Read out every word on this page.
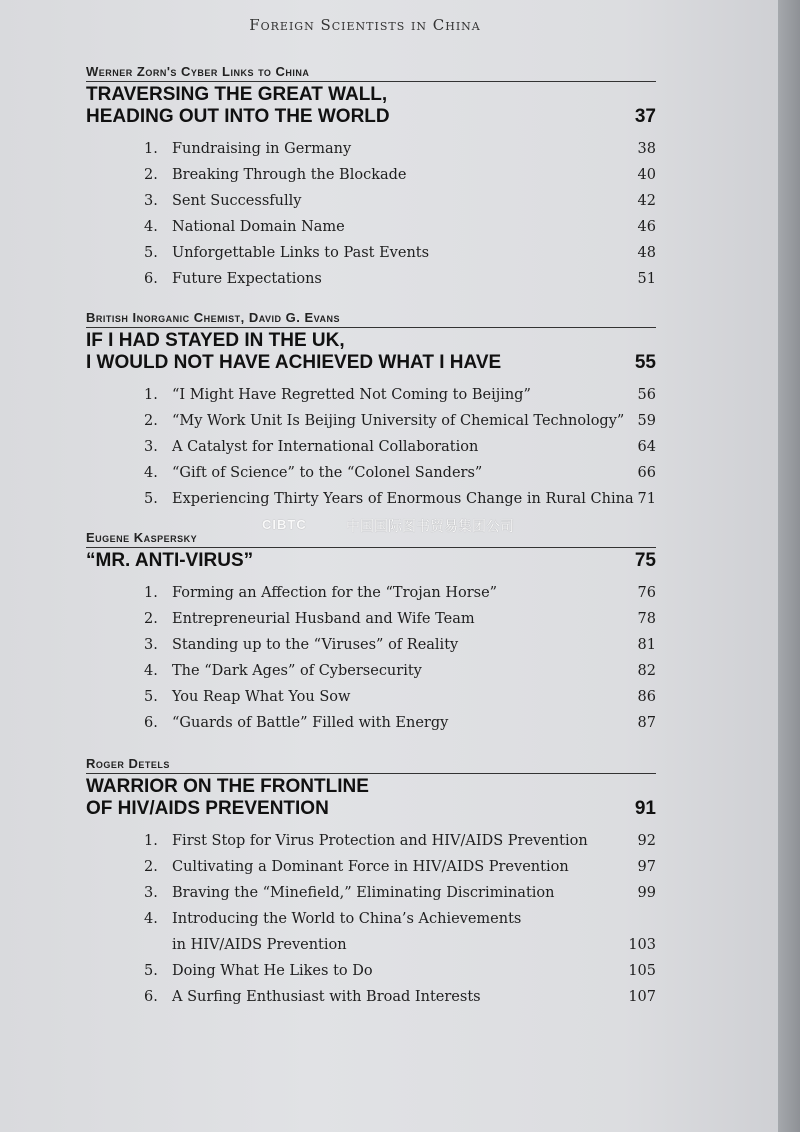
Foreign Scientists in China
CIBTC	中国国际图书贸易集团公司
Werner Zorn's Cyber Links to China
TRAVERSING THE GREAT WALL,
HEADING OUT INTO THE WORLD	37
1. Fundraising in Germany	38
2. Breaking Through the Blockade	40
3. Sent Successfully	42
4. National Domain Name	46
5. Unforgettable Links to Past Events	48
6. Future Expectations	51
British Inorganic Chemist, David G. Evans
IF I HAD STAYED IN THE UK,
I WOULD NOT HAVE ACHIEVED WHAT I HAVE	55
1. “I Might Have Regretted Not Coming to Beijing”	56
2. “My Work Unit Is Beijing University of Chemical Technology” 59
3. A Catalyst for International Collaboration	64
4. “Gift of Science” to the “Colonel Sanders”	66
5. Experiencing Thirty Years of Enormous Change in Rural China 71
Eugene Kaspersky
“MR. ANTI-VIRUS”	75
1. Forming an Affection for the “Trojan Horse”	76
2. Entrepreneurial Husband and Wife Team	78
3. Standing up to the “Viruses” of Reality	81
4. The “Dark Ages” of Cybersecurity	82
5. You Reap What You Sow	86
6. “Guards of Battle” Filled with Energy	87
Roger Detels
WARRIOR ON THE FRONTLINE
OF HIV/AIDS PREVENTION	91
1. First Stop for Virus Protection and HIV/AIDS Prevention	92
2. Cultivating a Dominant Force in HIV/AIDS Prevention	97
3. Braving the “Minefield,” Eliminating Discrimination	99
4. Introducing the World to China’s Achievements
in HIV/AIDS Prevention	103
5. Doing What He Likes to Do	105
6. A Surfing Enthusiast with Broad Interests	107
